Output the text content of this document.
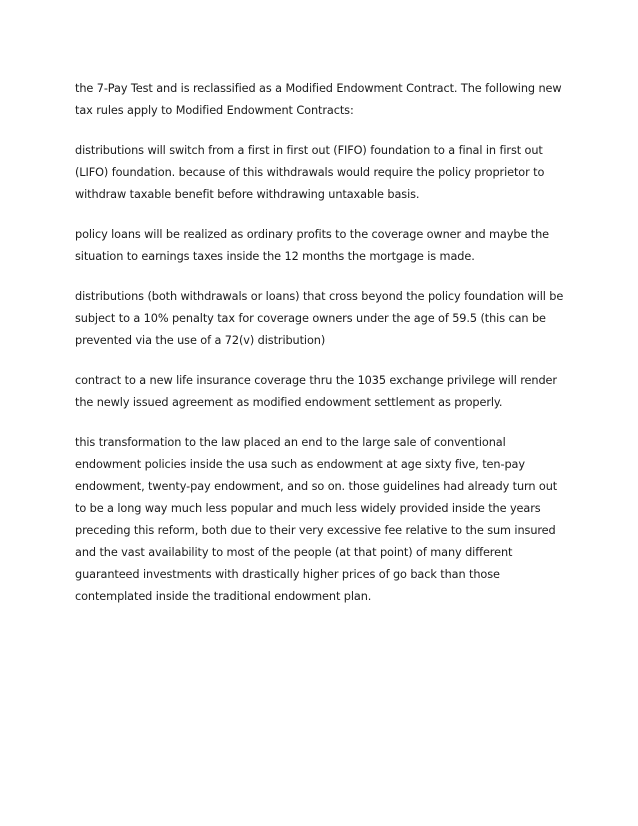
the 7-Pay Test and is reclassified as a Modified Endowment Contract. The following new tax rules apply to Modified Endowment Contracts:

distributions will switch from a first in first out (FIFO) foundation to a final in first out (LIFO) foundation. because of this withdrawals would require the policy proprietor to withdraw taxable benefit before withdrawing untaxable basis.

policy loans will be realized as ordinary profits to the coverage owner and maybe the situation to earnings taxes inside the 12 months the mortgage is made.

distributions (both withdrawals or loans) that cross beyond the policy foundation will be subject to a 10% penalty tax for coverage owners under the age of 59.5 (this can be prevented via the use of a 72(v) distribution)

contract to a new life insurance coverage thru the 1035 exchange privilege will render the newly issued agreement as modified endowment settlement as properly.

this transformation to the law placed an end to the large sale of conventional endowment policies inside the usa such as endowment at age sixty five, ten-pay endowment, twenty-pay endowment, and so on. those guidelines had already turn out to be a long way much less popular and much less widely provided inside the years preceding this reform, both due to their very excessive fee relative to the sum insured and the vast availability to most of the people (at that point) of many different guaranteed investments with drastically higher prices of go back than those contemplated inside the traditional endowment plan.
